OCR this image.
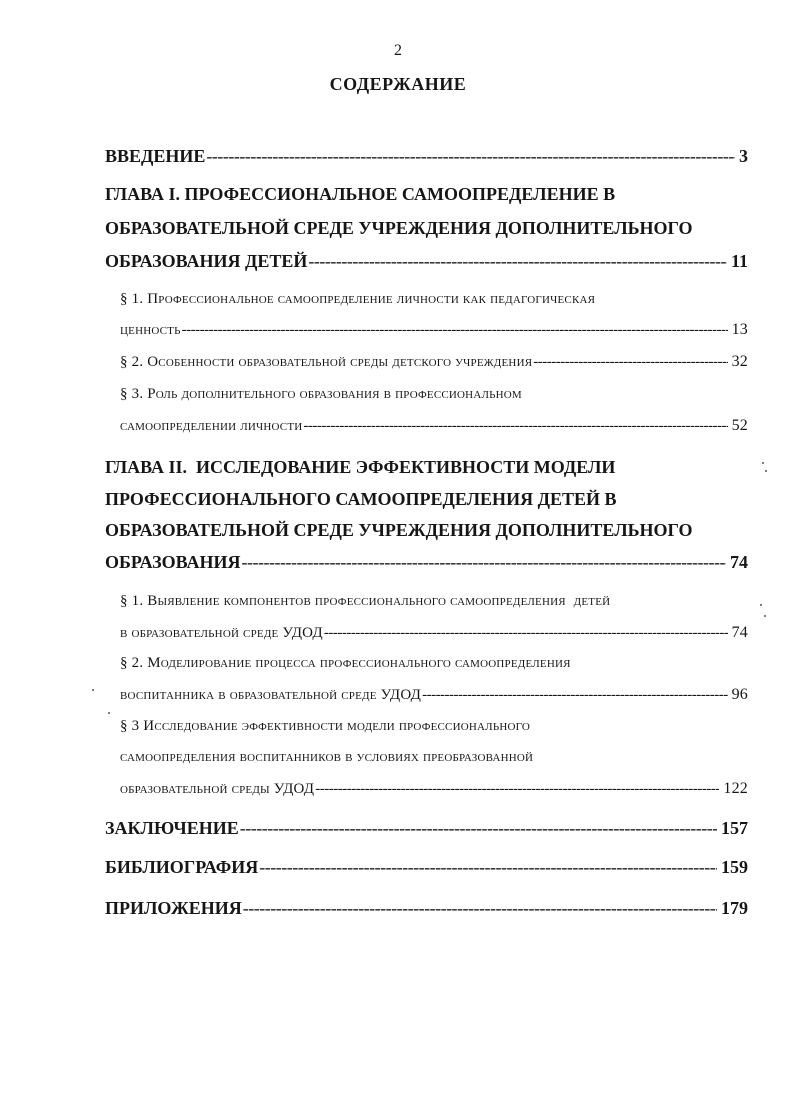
2
СОДЕРЖАНИЕ
ВВЕДЕНИЕ -----	3
ГЛАВА I. ПРОФЕССИОНАЛЬНОЕ САМООПРЕДЕЛЕНИЕ В
ОБРАЗОВАТЕЛЬНОЙ СРЕДЕ УЧРЕЖДЕНИЯ ДОПОЛНИТЕЛЬНОГО
ОБРАЗОВАНИЯ ДЕТЕЙ -----	11
§ 1. Профессиональное самоопределение личности как педагогическая
ценность -----	13
§ 2. Особенности образовательной среды детского учреждения -----	32
§ 3. Роль дополнительного образования в профессиональном
самоопределении личности -----	52
ГЛАВА II.  ИССЛЕДОВАНИЕ ЭФФЕКТИВНОСТИ МОДЕЛИ
ПРОФЕССИОНАЛЬНОГО САМООПРЕДЕЛЕНИЯ ДЕТЕЙ В
ОБРАЗОВАТЕЛЬНОЙ СРЕДЕ УЧРЕЖДЕНИЯ ДОПОЛНИТЕЛЬНОГО
ОБРАЗОВАНИЯ -----	74
§ 1. Выявление компонентов профессионального самоопределения  детей
в образовательной среде УДОД -----	74
§ 2. Моделирование процесса профессионального самоопределения
воспитанника в образовательной среде УДОД -----	96
§ 3 Исследование эффективности модели профессионального
самоопределения воспитанников в условиях преобразованной
образовательной среды УДОД -----	122
ЗАКЛЮЧЕНИЕ -----	157
БИБЛИОГРАФИЯ -----	159
ПРИЛОЖЕНИЯ -----	179
